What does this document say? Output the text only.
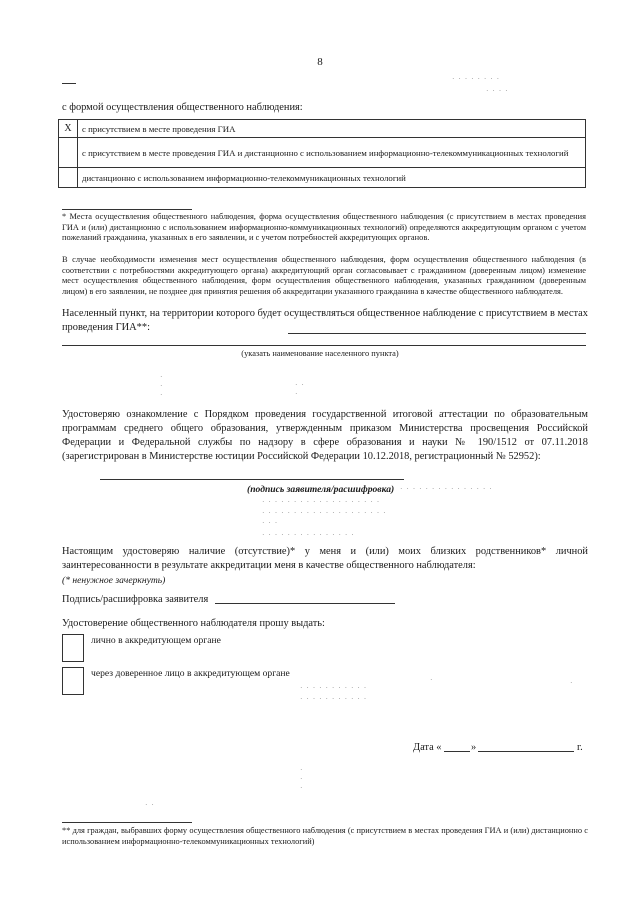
8
· · · · · · · ·
· · · ·
с формой осуществления общественного наблюдения:
X	с присутствием в месте проведения ГИА
	с присутствием в месте проведения ГИА и дистанционно с использованием информационно-телекоммуникационных технологий
	дистанционно с использованием информационно-телекоммуникационных технологий
* Места осуществления общественного наблюдения, форма осуществления общественного наблюдения (с присутствием в местах проведения ГИА и (или) дистанционно с использованием информационно-коммуникационных технологий) определяются аккредитующим органом с учетом пожеланий гражданина, указанных в его заявлении, и с учетом потребностей аккредитующих органов.
В случае необходимости изменения мест осуществления общественного наблюдения, форм осуществления общественного наблюдения (в соответствии с потребностями аккредитующего органа) аккредитующий орган согласовывает с гражданином (доверенным лицом) изменение мест осуществления общественного наблюдения, форм осуществления общественного наблюдения, указанных гражданином (доверенным лицом) в его заявлении, не позднее дня принятия решения об аккредитации указанного гражданина в качестве общественного наблюдателя.
Населенный пункт, на территории которого будет осуществляться общественное наблюдение с присутствием в местах проведения ГИА**:
(указать наименование населенного пункта)
·
·
·
· ·
·
Удостоверяю ознакомление с Порядком проведения государственной итоговой аттестации по образовательным программам среднего общего образования, утвержденным приказом Министерства просвещения Российской Федерации и Федеральной службы по надзору в сфере образования и науки № 190/1512 от 07.11.2018 (зарегистрирован в Министерстве юстиции Российской Федерации 10.12.2018, регистрационный № 52952):
(подпись заявителя/расшифровка) · · · · · · · · · · · · · · ·
· · · · · · · · · · · · · · · · · · ·
· · · · · · · · · · · · · · · · · · · ·
· · ·
· · · · · · · · · · · · · · ·
Настоящим удостоверяю наличие (отсутствие)* у меня и (или) моих близких родственников* личной заинтересованности в результате аккредитации меня в качестве общественного наблюдателя:
(* ненужное зачеркнуть)
Подпись/расшифровка заявителя
Удостоверение общественного наблюдателя прошу выдать:
лично в аккредитующем органе
через доверенное лицо в аккредитующем органе
· · · · · · · · · · ·
· · · · · · · · · · ·
·	·
Дата «	»	г.
·
·
·
· ·
** для граждан, выбравших форму осуществления общественного наблюдения (с присутствием в местах проведения ГИА и (или) дистанционно с использованием информационно-телекоммуникационных технологий)
